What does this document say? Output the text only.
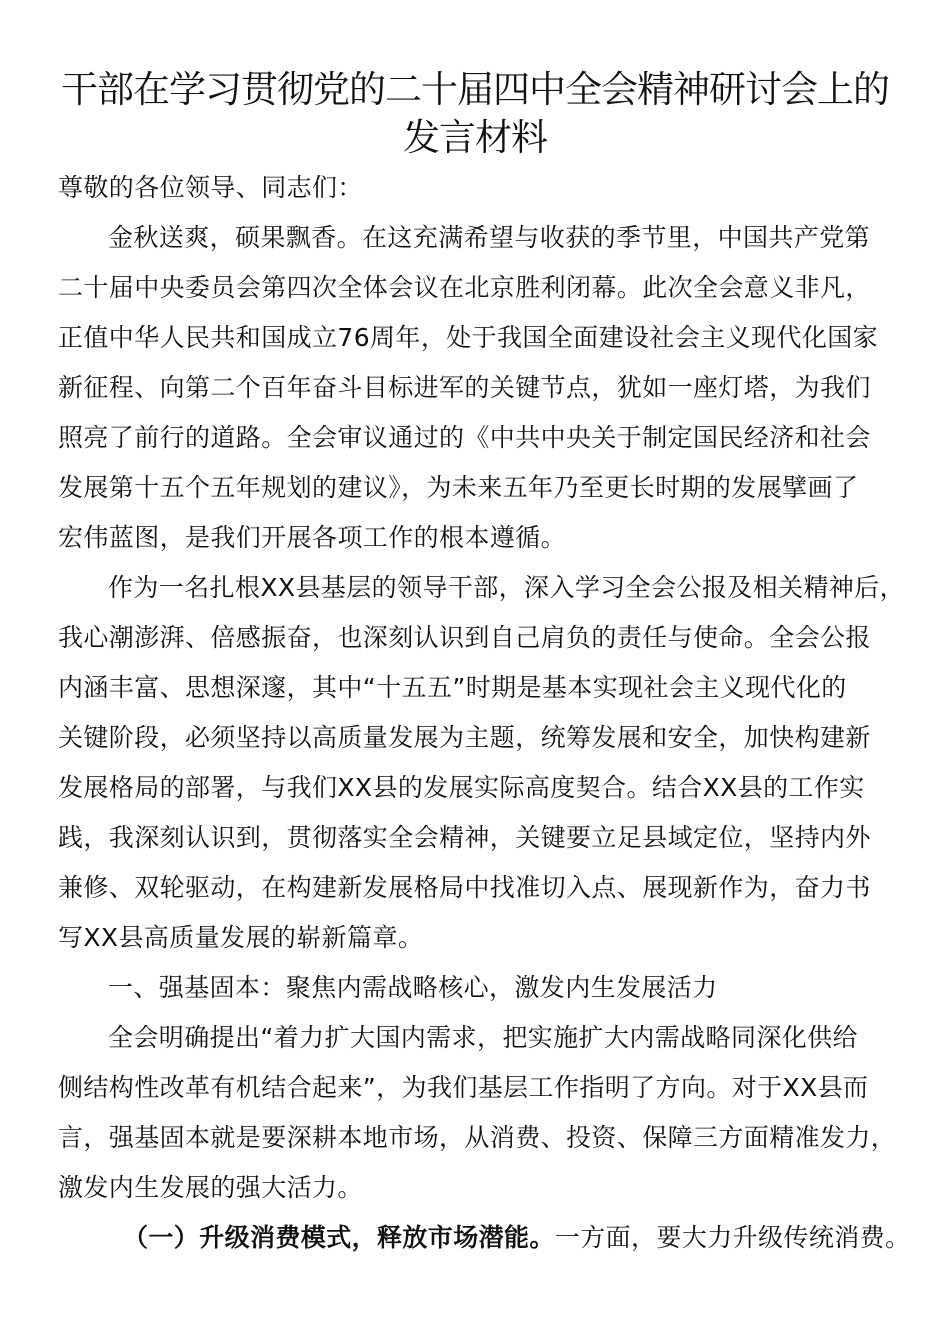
干部在学习贯彻党的二十届四中全会精神研讨会上的
发言材料
尊敬的各位领导、同志们：
金秋送爽，硕果飘香。在这充满希望与收获的季节里，中国共产党第
二十届中央委员会第四次全体会议在北京胜利闭幕。此次全会意义非凡，
正值中华人民共和国成立76周年，处于我国全面建设社会主义现代化国家
新征程、向第二个百年奋斗目标进军的关键节点，犹如一座灯塔，为我们
照亮了前行的道路。全会审议通过的《中共中央关于制定国民经济和社会
发展第十五个五年规划的建议》，为未来五年乃至更长时期的发展擘画了
宏伟蓝图，是我们开展各项工作的根本遵循。
作为一名扎根XX县基层的领导干部，深入学习全会公报及相关精神后，
我心潮澎湃、倍感振奋，也深刻认识到自己肩负的责任与使命。全会公报
内涵丰富、思想深邃，其中“十五五”时期是基本实现社会主义现代化的
关键阶段，必须坚持以高质量发展为主题，统筹发展和安全，加快构建新
发展格局的部署，与我们XX县的发展实际高度契合。结合XX县的工作实
践，我深刻认识到，贯彻落实全会精神，关键要立足县域定位，坚持内外
兼修、双轮驱动，在构建新发展格局中找准切入点、展现新作为，奋力书
写XX县高质量发展的崭新篇章。
一、强基固本：聚焦内需战略核心，激发内生发展活力
全会明确提出“着力扩大国内需求，把实施扩大内需战略同深化供给
侧结构性改革有机结合起来”，为我们基层工作指明了方向。对于XX县而
言，强基固本就是要深耕本地市场，从消费、投资、保障三方面精准发力，
激发内生发展的强大活力。
（一）升级消费模式，释放市场潜能。一方面，要大力升级传统消费。
